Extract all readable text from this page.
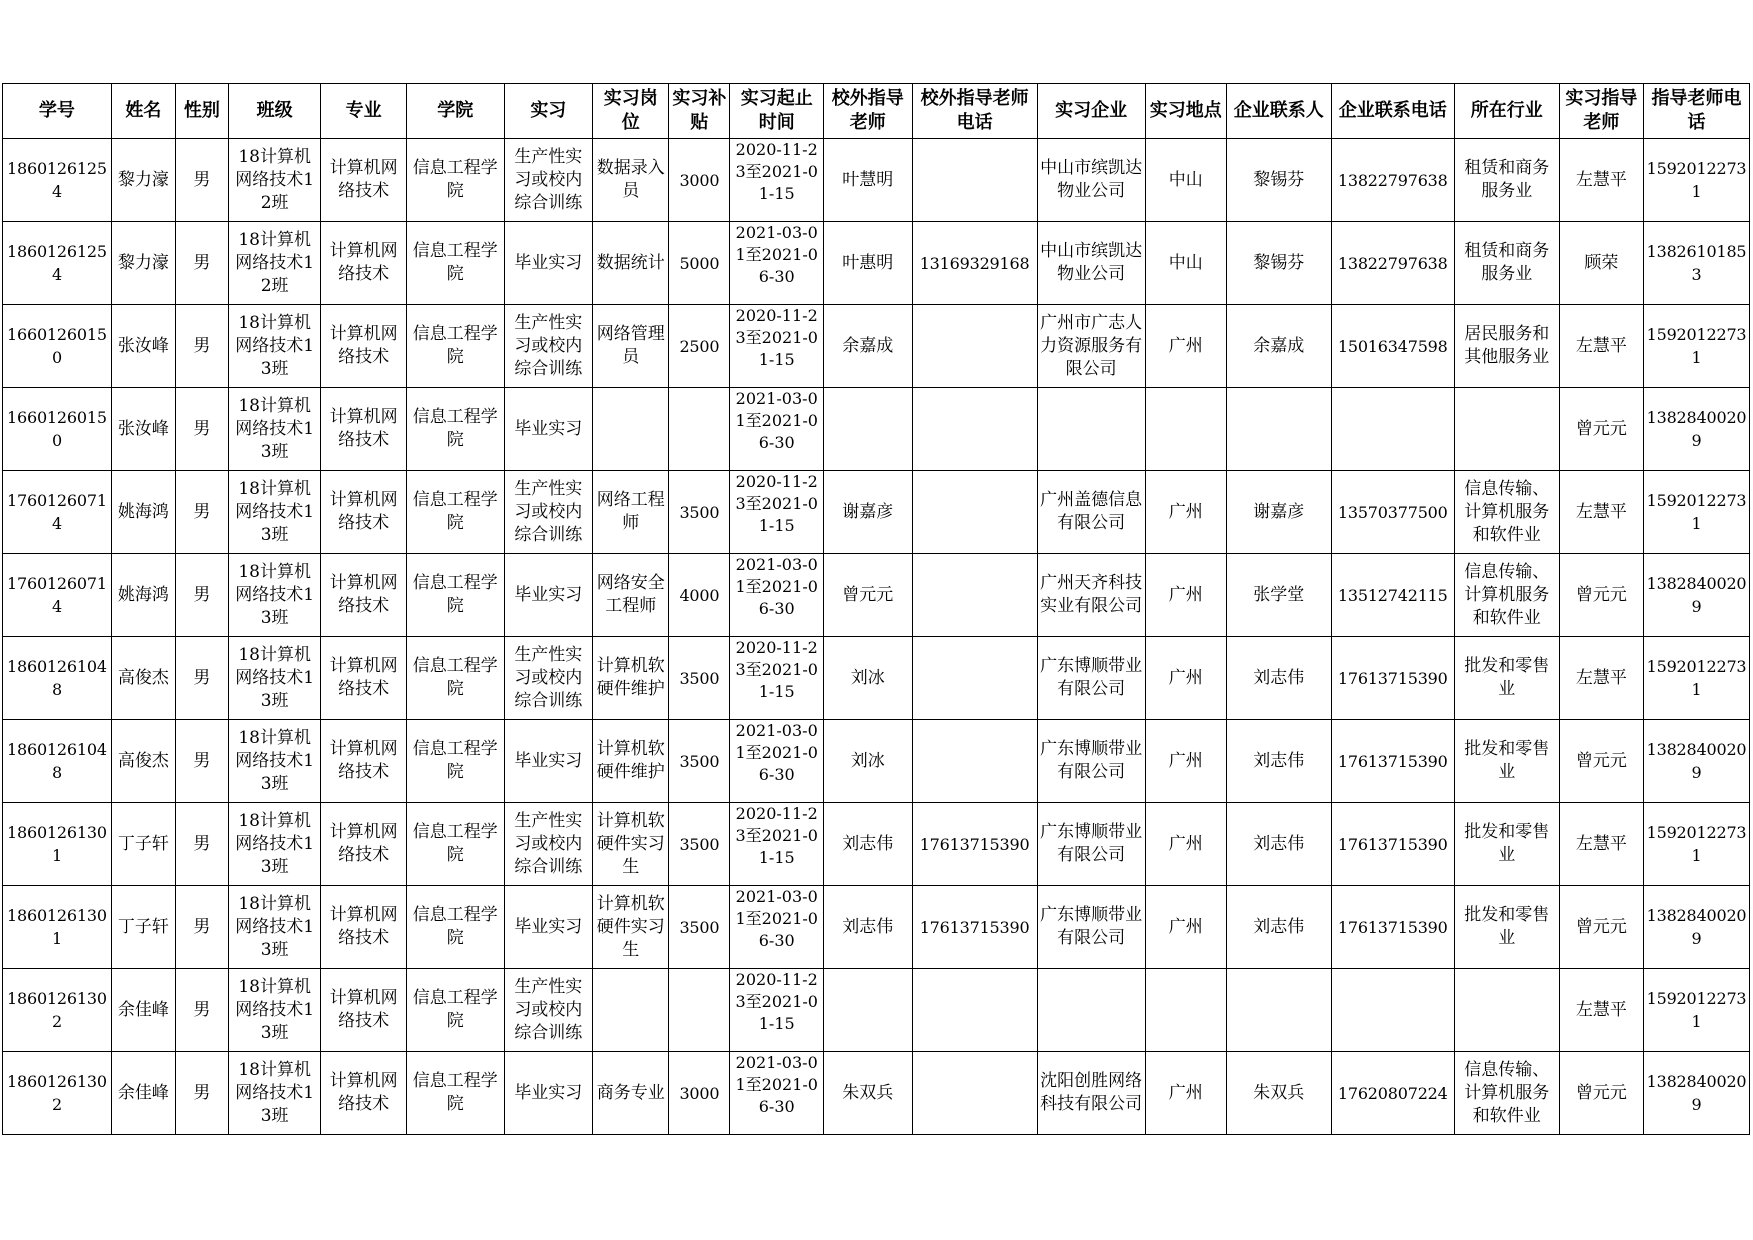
学号	姓名	性别	班级	专业	学院	实习	实习岗位	实习补贴	实习起止时间	校外指导老师	校外指导老师电话	实习企业	实习地点	企业联系人	企业联系电话	所在行业	实习指导老师	指导老师电话

18601261254	黎力濠	男	18计算机网络技术12班	计算机网络技术	信息工程学院	生产性实习或校内综合训练	数据录入员	3000	2020-11-23至2021-01-15	叶慧明		中山市缤凯达物业公司	中山	黎锡芬	13822797638	租赁和商务服务业	左慧平	15920122731

18601261254	黎力濠	男	18计算机网络技术12班	计算机网络技术	信息工程学院	毕业实习	数据统计	5000	2021-03-01至2021-06-30	叶惠明	13169329168	中山市缤凯达物业公司	中山	黎锡芬	13822797638	租赁和商务服务业	顾荣	13826101853

16601260150	张汝峰	男	18计算机网络技术13班	计算机网络技术	信息工程学院	生产性实习或校内综合训练	网络管理员	2500	2020-11-23至2021-01-15	余嘉成		广州市广志人力资源服务有限公司	广州	余嘉成	15016347598	居民服务和其他服务业	左慧平	15920122731

16601260150	张汝峰	男	18计算机网络技术13班	计算机网络技术	信息工程学院	毕业实习			2021-03-01至2021-06-30								曾元元	13828400209

17601260714	姚海鸿	男	18计算机网络技术13班	计算机网络技术	信息工程学院	生产性实习或校内综合训练	网络工程师	3500	2020-11-23至2021-01-15	谢嘉彦		广州盖德信息有限公司	广州	谢嘉彦	13570377500	信息传输、计算机服务和软件业	左慧平	15920122731

17601260714	姚海鸿	男	18计算机网络技术13班	计算机网络技术	信息工程学院	毕业实习	网络安全工程师	4000	2021-03-01至2021-06-30	曾元元		广州天齐科技实业有限公司	广州	张学堂	13512742115	信息传输、计算机服务和软件业	曾元元	13828400209

18601261048	高俊杰	男	18计算机网络技术13班	计算机网络技术	信息工程学院	生产性实习或校内综合训练	计算机软硬件维护	3500	2020-11-23至2021-01-15	刘冰		广东博顺带业有限公司	广州	刘志伟	17613715390	批发和零售业	左慧平	15920122731

18601261048	高俊杰	男	18计算机网络技术13班	计算机网络技术	信息工程学院	毕业实习	计算机软硬件维护	3500	2021-03-01至2021-06-30	刘冰		广东博顺带业有限公司	广州	刘志伟	17613715390	批发和零售业	曾元元	13828400209

18601261301	丁子轩	男	18计算机网络技术13班	计算机网络技术	信息工程学院	生产性实习或校内综合训练	计算机软硬件实习生	3500	2020-11-23至2021-01-15	刘志伟	17613715390	广东博顺带业有限公司	广州	刘志伟	17613715390	批发和零售业	左慧平	15920122731

18601261301	丁子轩	男	18计算机网络技术13班	计算机网络技术	信息工程学院	毕业实习	计算机软硬件实习生	3500	2021-03-01至2021-06-30	刘志伟	17613715390	广东博顺带业有限公司	广州	刘志伟	17613715390	批发和零售业	曾元元	13828400209

18601261302	余佳峰	男	18计算机网络技术13班	计算机网络技术	信息工程学院	生产性实习或校内综合训练			2020-11-23至2021-01-15								左慧平	15920122731

18601261302	余佳峰	男	18计算机网络技术13班	计算机网络技术	信息工程学院	毕业实习	商务专业	3000	2021-03-01至2021-06-30	朱双兵		沈阳创胜网络科技有限公司	广州	朱双兵	17620807224	信息传输、计算机服务和软件业	曾元元	13828400209
